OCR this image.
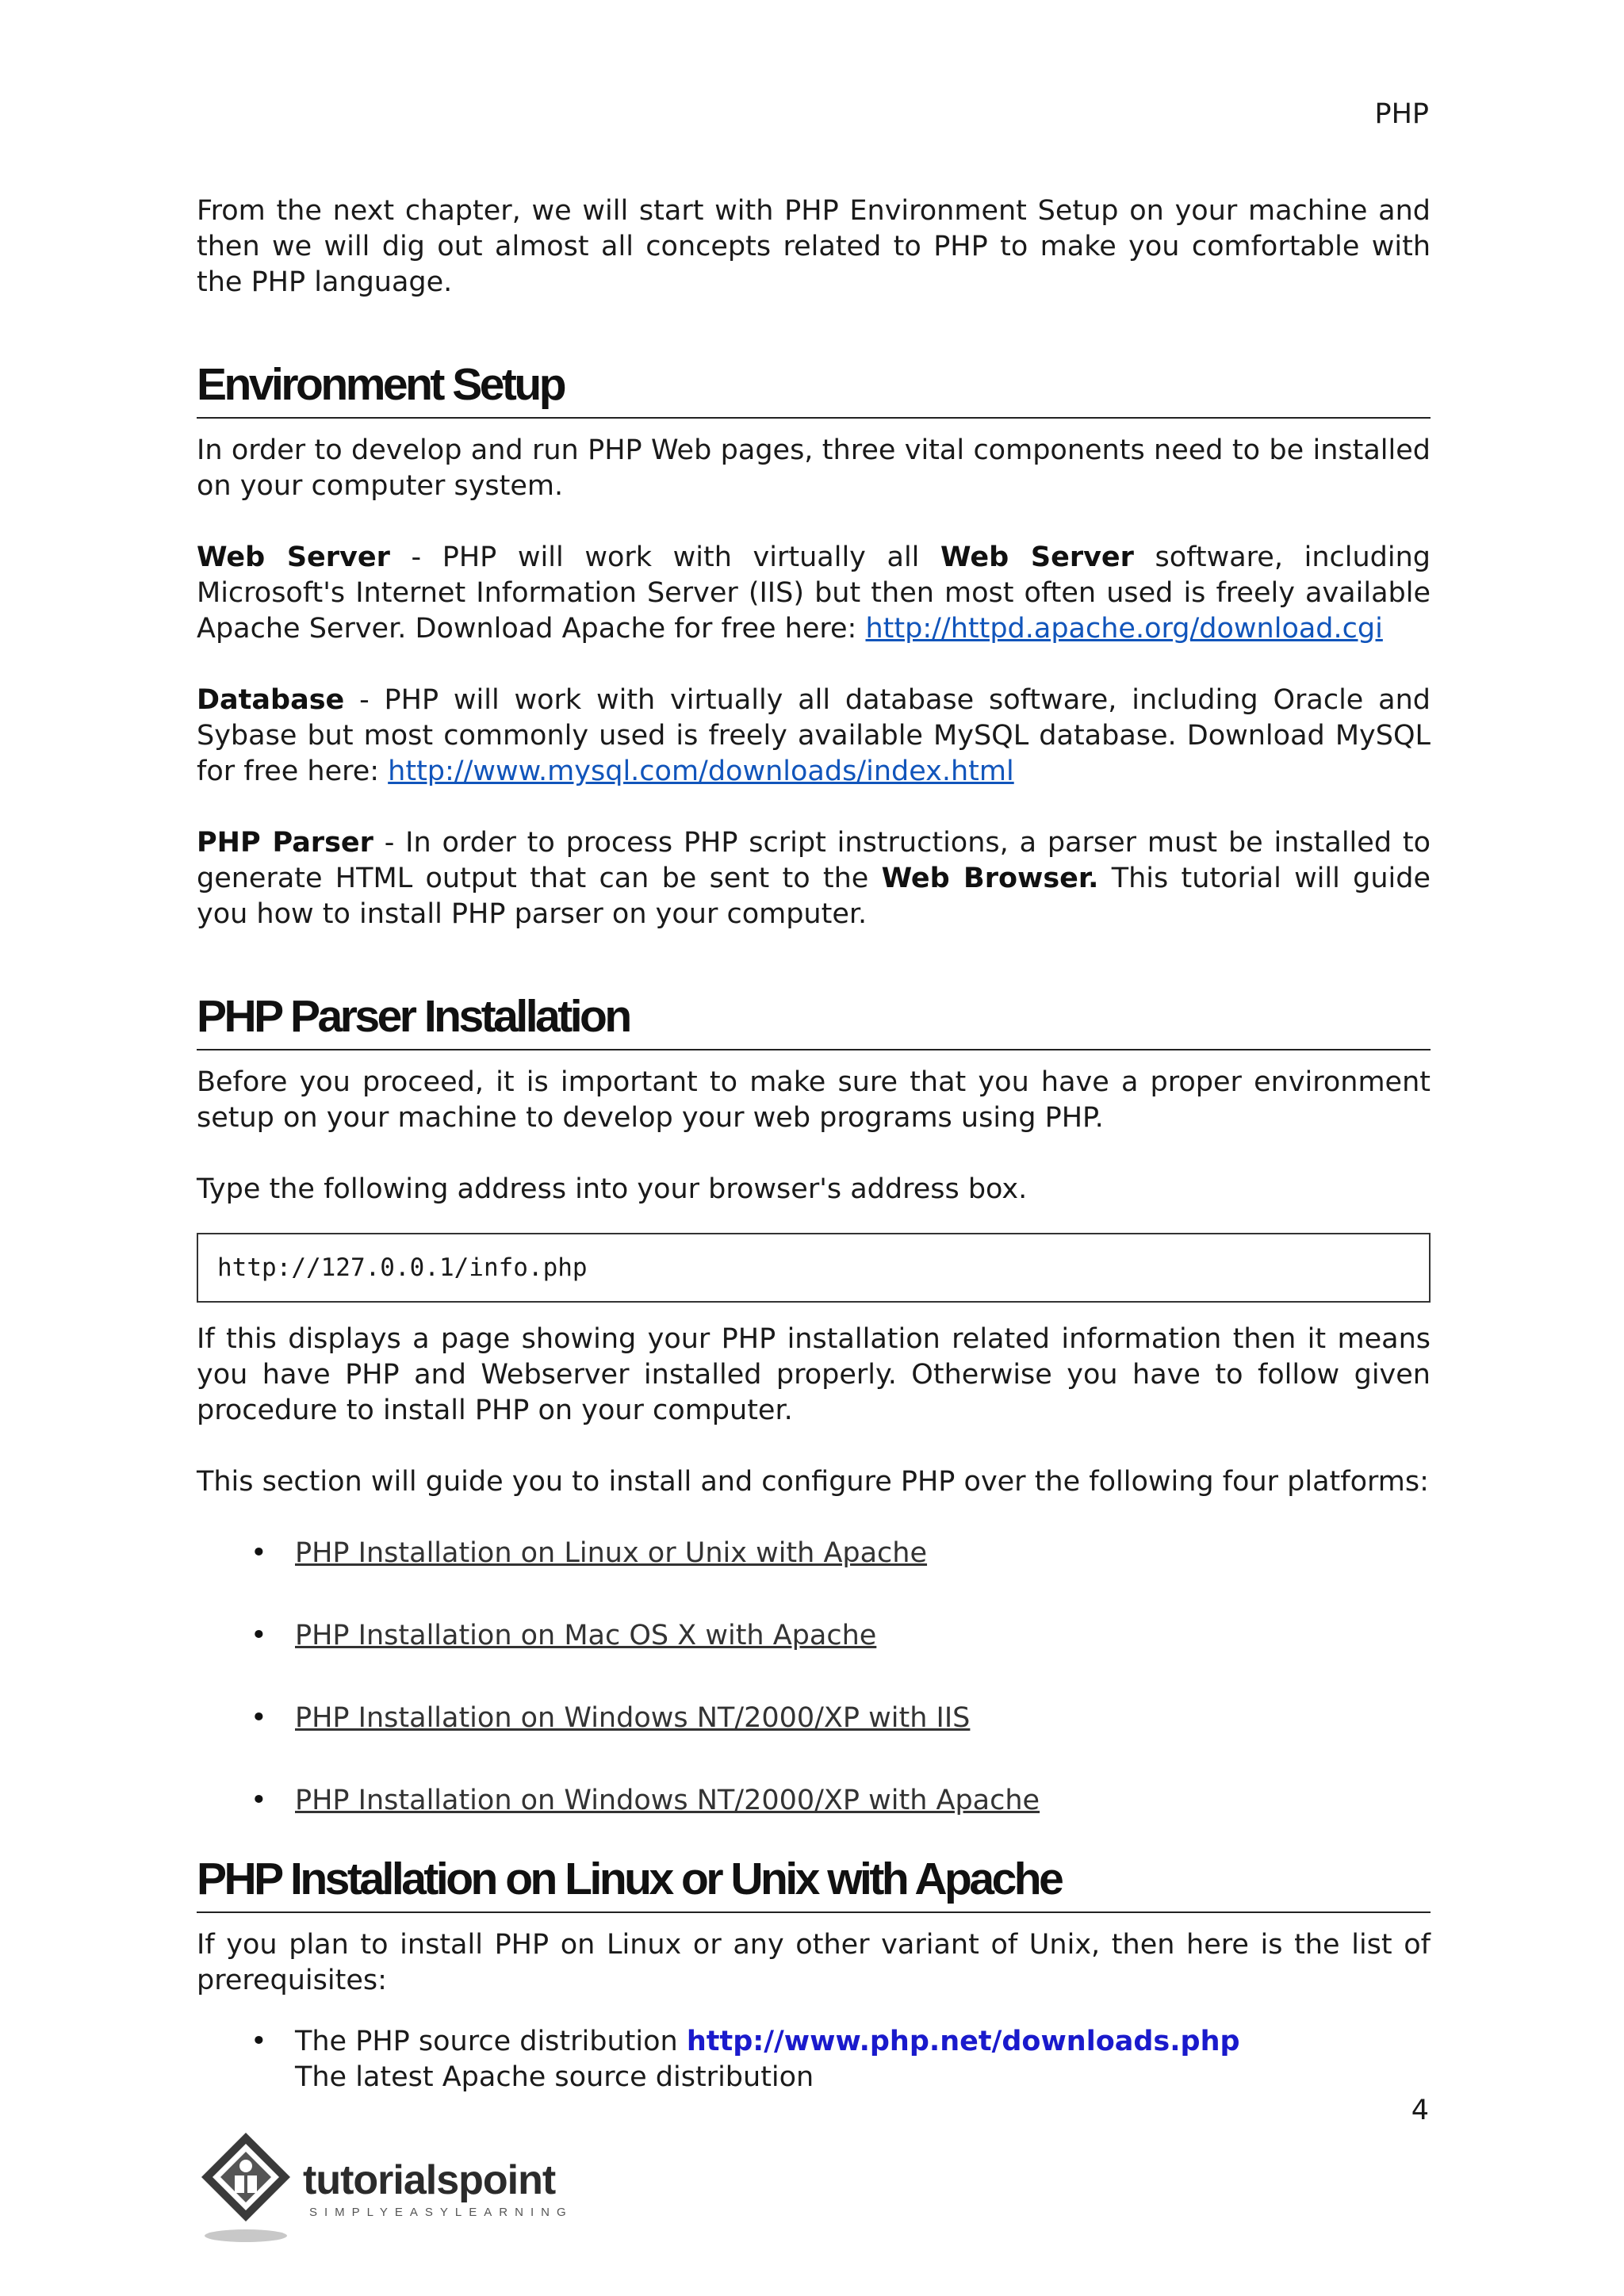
PHP

From the next chapter, we will start with PHP Environment Setup on your machine and then we will dig out almost all concepts related to PHP to make you comfortable with the PHP language.

Environment Setup

In order to develop and run PHP Web pages, three vital components need to be installed on your computer system.

Web Server - PHP will work with virtually all Web Server software, including Microsoft's Internet Information Server (IIS) but then most often used is freely available Apache Server. Download Apache for free here: http://httpd.apache.org/download.cgi

Database - PHP will work with virtually all database software, including Oracle and Sybase but most commonly used is freely available MySQL database. Download MySQL for free here: http://www.mysql.com/downloads/index.html

PHP Parser - In order to process PHP script instructions, a parser must be installed to generate HTML output that can be sent to the Web Browser. This tutorial will guide you how to install PHP parser on your computer.

PHP Parser Installation

Before you proceed, it is important to make sure that you have a proper environment setup on your machine to develop your web programs using PHP.

Type the following address into your browser's address box.

http://127.0.0.1/info.php

If this displays a page showing your PHP installation related information then it means you have PHP and Webserver installed properly. Otherwise you have to follow given procedure to install PHP on your computer.

This section will guide you to install and configure PHP over the following four platforms:

• PHP Installation on Linux or Unix with Apache
• PHP Installation on Mac OS X with Apache
• PHP Installation on Windows NT/2000/XP with IIS
• PHP Installation on Windows NT/2000/XP with Apache
PHP Installation on Linux or Unix with Apache

If you plan to install PHP on Linux or any other variant of Unix, then here is the list of prerequisites:

• The PHP source distribution http://www.php.net/downloads.php
The latest Apache source distribution
4
tutorialspoint
SIMPLYEASYLEARNING
